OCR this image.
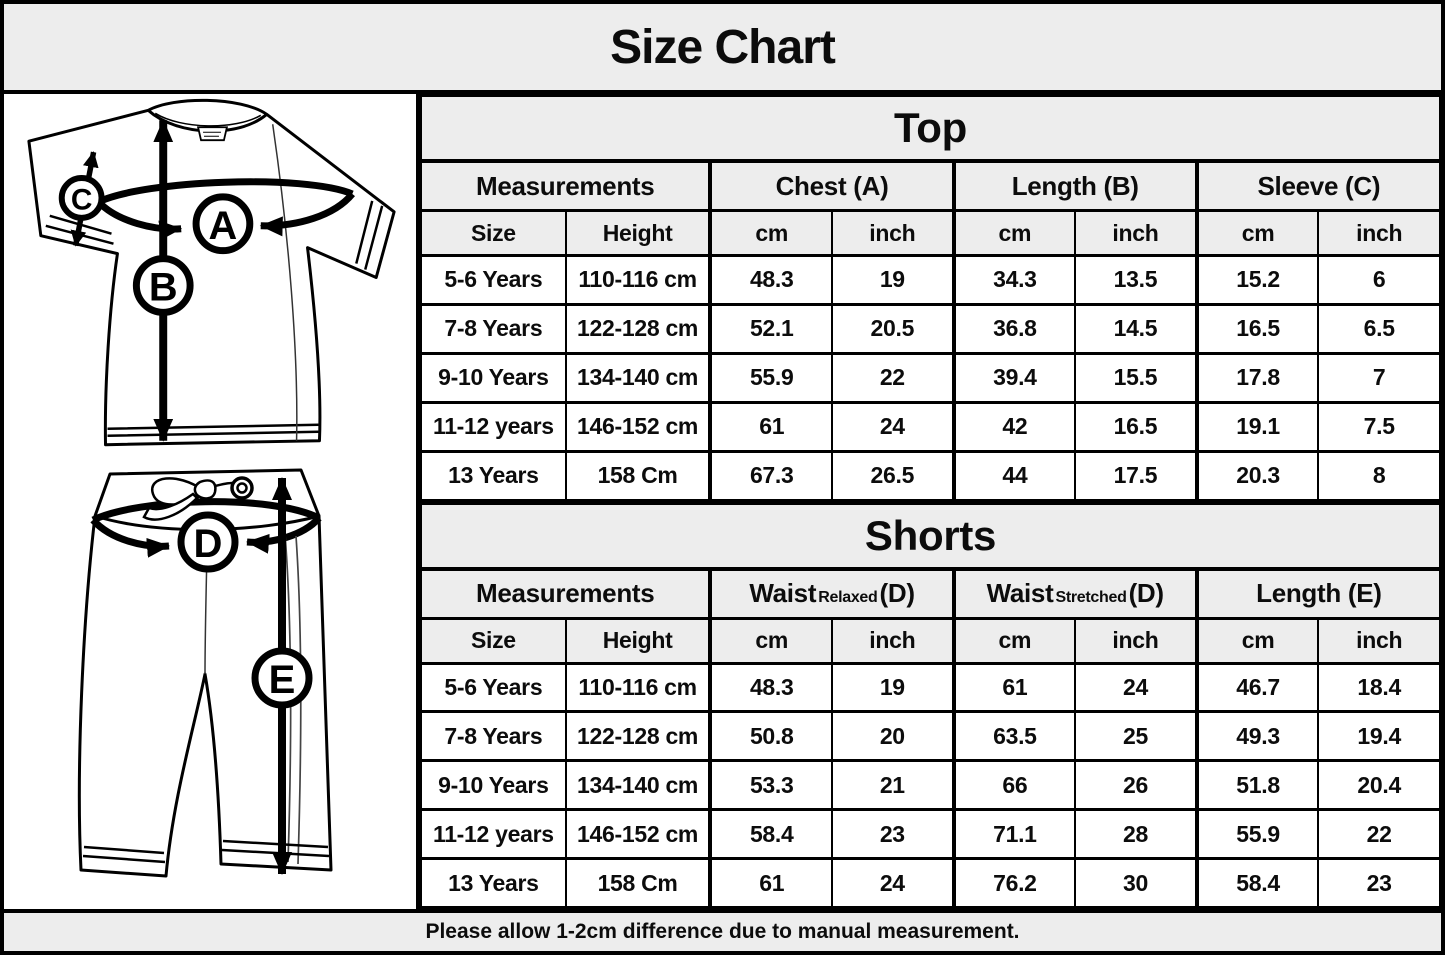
Size Chart
A
B
C
D
E
Top							
Measurements		Chest (A)		Length (B)		Sleeve (C)	
Size	Height	cm	inch	cm	inch	cm	inch
5-6 Years	110-116 cm	48.3	19	34.3	13.5	15.2	6
7-8 Years	122-128 cm	52.1	20.5	36.8	14.5	16.5	6.5
9-10 Years	134-140 cm	55.9	22	39.4	15.5	17.8	7
11-12 years	146-152 cm	61	24	42	16.5	19.1	7.5
13 Years	158 Cm	67.3	26.5	44	17.5	20.3	8
Shorts							
Measurements		Waist Relaxed(D)		Waist Stretched(D)		Length (E)	
Size	Height	cm	inch	cm	inch	cm	inch
5-6 Years	110-116 cm	48.3	19	61	24	46.7	18.4
7-8 Years	122-128 cm	50.8	20	63.5	25	49.3	19.4
9-10 Years	134-140 cm	53.3	21	66	26	51.8	20.4
11-12 years	146-152 cm	58.4	23	71.1	28	55.9	22
13 Years	158 Cm	61	24	76.2	30	58.4	23
Please allow 1-2cm difference due to manual measurement.
